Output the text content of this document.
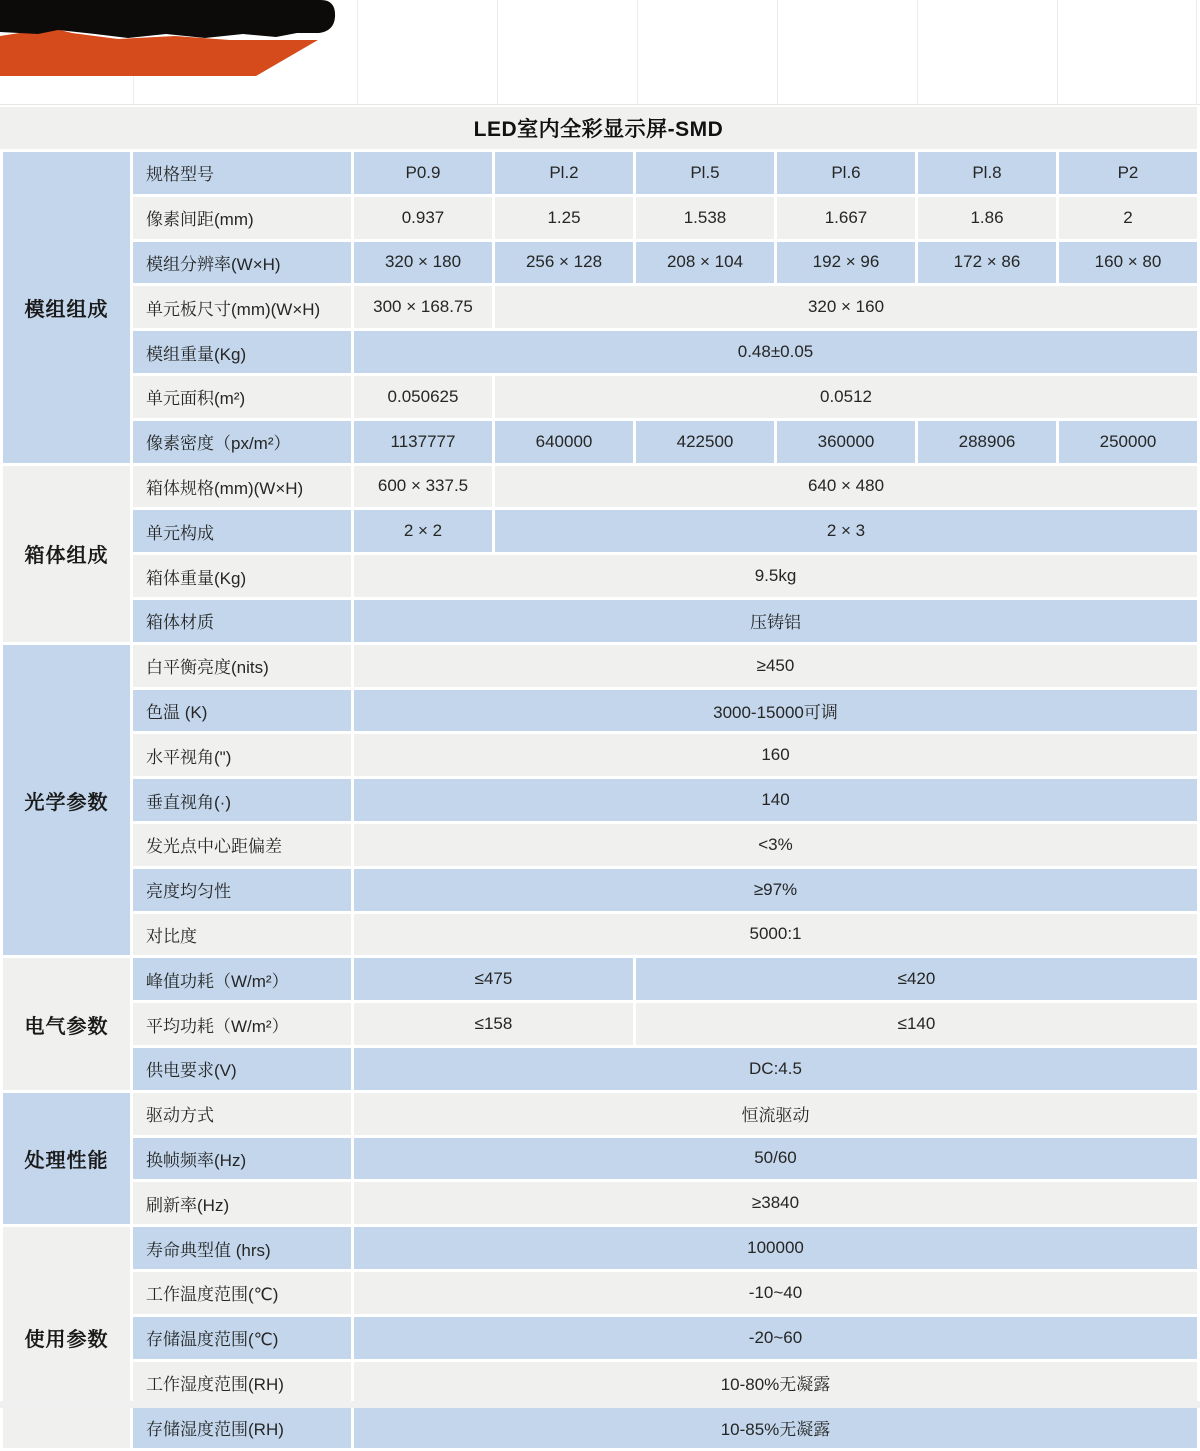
LED室内全彩显示屏-SMD
模组组成	规格型号	P0.9	Pl.2	Pl.5	Pl.6	Pl.8	P2
	像素间距(mm)	0.937	1.25	1.538	1.667	1.86	2
	模组分辨率(W×H)	320 × 180	256 × 128	208 × 104	192 × 96	172 × 86	160 × 80
	单元板尺寸(mm)(W×H)	300 × 168.75	320 × 160				
	模组重量(Kg)	0.48±0.05					
	单元面积(m²)	0.050625	0.0512				
	像素密度（px/m²）	1137777	640000	422500	360000	288906	250000
箱体组成	箱体规格(mm)(W×H)	600 × 337.5	640 × 480				
	单元构成	2 × 2	2 × 3				
	箱体重量(Kg)	9.5kg					
	箱体材质	压铸铝					
光学参数	白平衡亮度(nits)	≥450					
	色温 (K)	3000-15000可调					
	水平视角(")	160					
	垂直视角(·)	140					
	发光点中心距偏差	<3%					
	亮度均匀性	≥97%					
	对比度	5000:1					
电气参数	峰值功耗（W/m²）	≤475		≤420			
	平均功耗（W/m²）	≤158		≤140			
	供电要求(V)	DC:4.5					
处理性能	驱动方式	恒流驱动					
	换帧频率(Hz)	50/60					
	刷新率(Hz)	≥3840					
使用参数	寿命典型值 (hrs)	100000					
	工作温度范围(℃)	-10~40					
	存储温度范围(℃)	-20~60					
	工作湿度范围(RH)	10-80%无凝露					
	存储湿度范围(RH)	10-85%无凝露					
